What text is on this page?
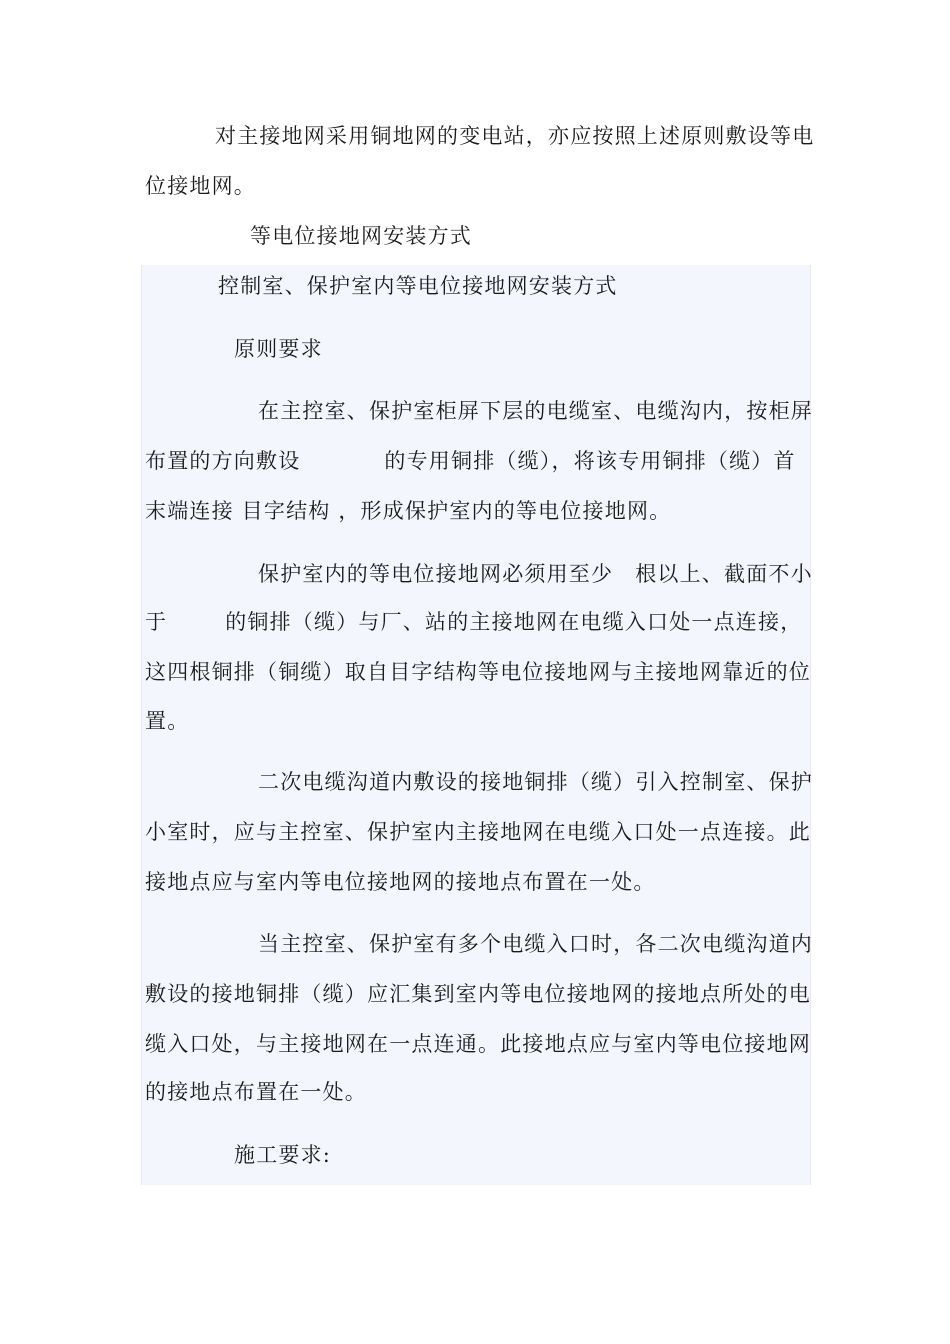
对主接地网采用铜地网的变电站，亦应按照上述原则敷设等电
位接地网。
等电位接地网安装方式
控制室、保护室内等电位接地网安装方式
原则要求
在主控室、保护室柜屏下层的电缆室、电缆沟内，按柜屏
布置的方向敷设	的专用铜排（缆），将该专用铜排（缆）首
末端连接 目字结构 ，形成保护室内的等电位接地网。
保护室内的等电位接地网必须用至少 根以上、截面不小
于	的铜排（缆）与厂、站的主接地网在电缆入口处一点连接，
这四根铜排（铜缆）取自目字结构等电位接地网与主接地网靠近的位
置。
二次电缆沟道内敷设的接地铜排（缆）引入控制室、保护
小室时，应与主控室、保护室内主接地网在电缆入口处一点连接。此
接地点应与室内等电位接地网的接地点布置在一处。
当主控室、保护室有多个电缆入口时，各二次电缆沟道内
敷设的接地铜排（缆）应汇集到室内等电位接地网的接地点所处的电
缆入口处，与主接地网在一点连通。此接地点应与室内等电位接地网
的接地点布置在一处。
施工要求:
